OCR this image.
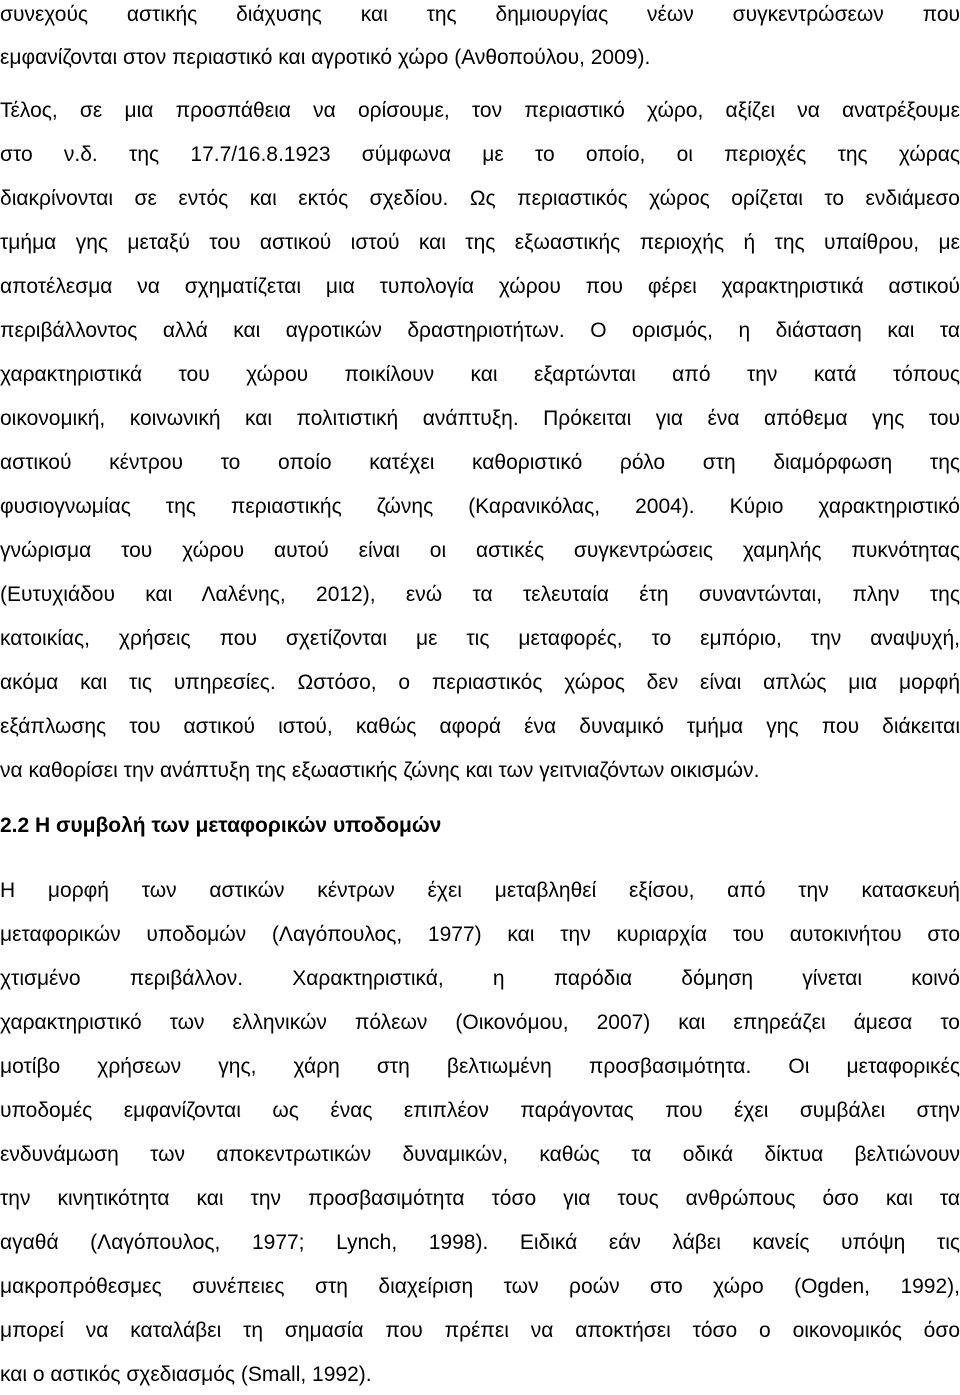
συνεχούς αστικής διάχυσης και της δημιουργίας νέων συγκεντρώσεων που
εμφανίζονται στον περιαστικό και αγροτικό χώρο (Ανθοπούλου, 2009).
Τέλος, σε μια προσπάθεια να ορίσουμε, τον περιαστικό χώρο, αξίζει να ανατρέξουμε
στο ν.δ. της 17.7/16.8.1923 σύμφωνα με το οποίο, οι περιοχές της χώρας
διακρίνονται σε εντός και εκτός σχεδίου. Ως περιαστικός χώρος ορίζεται το ενδιάμεσο
τμήμα γης μεταξύ του αστικού ιστού και της εξωαστικής περιοχής ή της υπαίθρου, με
αποτέλεσμα να σχηματίζεται μια τυπολογία χώρου που φέρει χαρακτηριστικά αστικού
περιβάλλοντος αλλά και αγροτικών δραστηριοτήτων. Ο ορισμός, η διάσταση και τα
χαρακτηριστικά του χώρου ποικίλουν και εξαρτώνται από την κατά τόπους
οικονομική, κοινωνική και πολιτιστική ανάπτυξη. Πρόκειται για ένα απόθεμα γης του
αστικού κέντρου το οποίο κατέχει καθοριστικό ρόλο στη διαμόρφωση της
φυσιογνωμίας της περιαστικής ζώνης (Καρανικόλας, 2004). Κύριο χαρακτηριστικό
γνώρισμα του χώρου αυτού είναι οι αστικές συγκεντρώσεις χαμηλής πυκνότητας
(Ευτυχιάδου και Λαλένης, 2012), ενώ τα τελευταία έτη συναντώνται, πλην της
κατοικίας, χρήσεις που σχετίζονται με τις μεταφορές, το εμπόριο, την αναψυχή,
ακόμα και τις υπηρεσίες. Ωστόσο, ο περιαστικός χώρος δεν είναι απλώς μια μορφή
εξάπλωσης του αστικού ιστού, καθώς αφορά ένα δυναμικό τμήμα γης που διάκειται
να καθορίσει την ανάπτυξη της εξωαστικής ζώνης και των γειτνιαζόντων οικισμών.
2.2 Η συμβολή των μεταφορικών υποδομών
Η μορφή των αστικών κέντρων έχει μεταβληθεί εξίσου, από την κατασκευή
μεταφορικών υποδομών (Λαγόπουλος, 1977) και την κυριαρχία του αυτοκινήτου στο
χτισμένο περιβάλλον. Χαρακτηριστικά, η παρόδια δόμηση γίνεται κοινό
χαρακτηριστικό των ελληνικών πόλεων (Οικονόμου, 2007) και επηρεάζει άμεσα το
μοτίβο χρήσεων γης, χάρη στη βελτιωμένη προσβασιμότητα. Οι μεταφορικές
υποδομές εμφανίζονται ως ένας επιπλέον παράγοντας που έχει συμβάλει στην
ενδυνάμωση των αποκεντρωτικών δυναμικών, καθώς τα οδικά δίκτυα βελτιώνουν
την κινητικότητα και την προσβασιμότητα τόσο για τους ανθρώπους όσο και τα
αγαθά (Λαγόπουλος, 1977; Lynch, 1998). Ειδικά εάν λάβει κανείς υπόψη τις
μακροπρόθεσμες συνέπειες στη διαχείριση των ροών στο χώρο (Ogden, 1992),
μπορεί να καταλάβει τη σημασία που πρέπει να αποκτήσει τόσο ο οικονομικός όσο
και ο αστικός σχεδιασμός (Small, 1992).
